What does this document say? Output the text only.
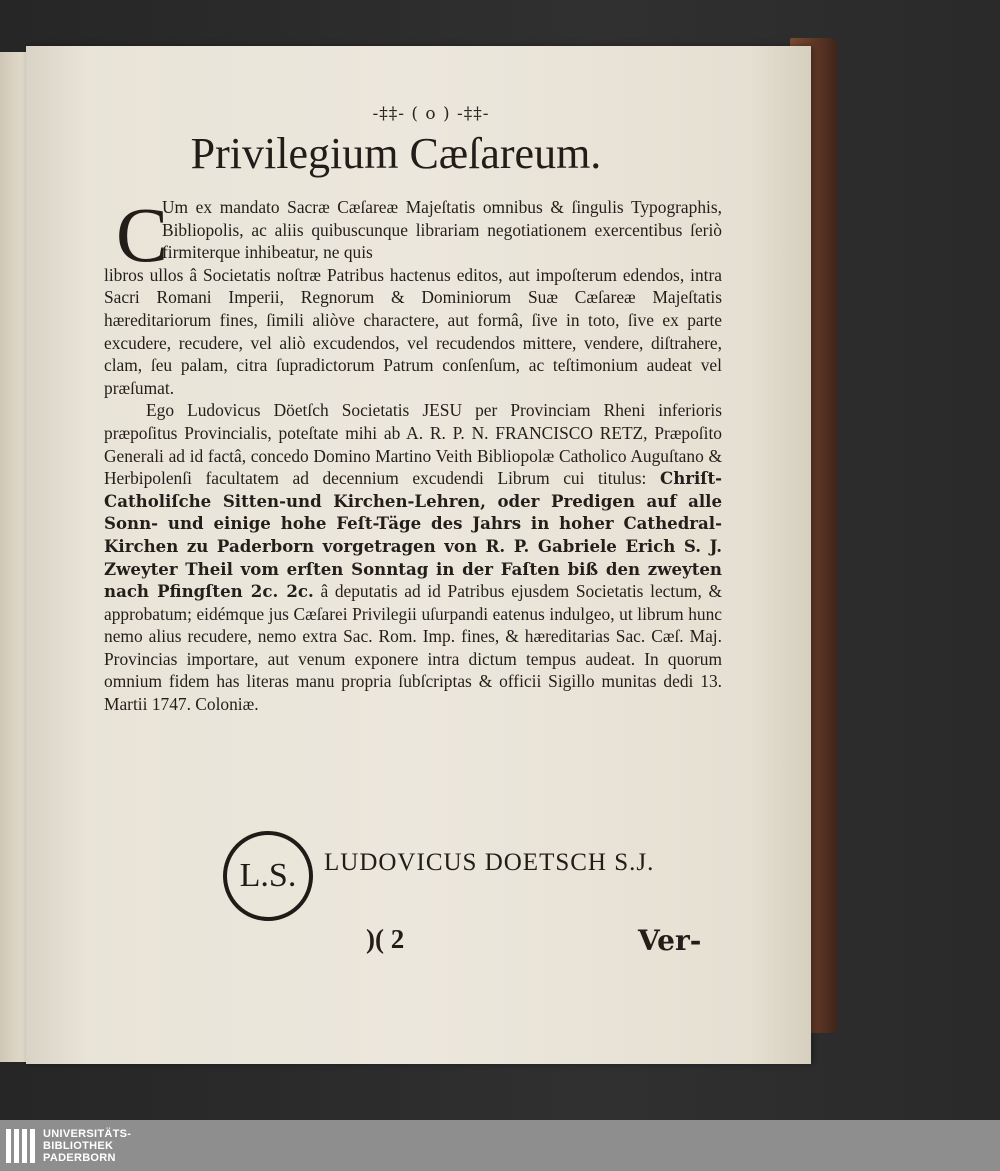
-‡‡- ( o ) -‡‡-
Privilegium Cæſareum.
C

Um ex mandato Sacræ Cæſareæ Majeſtatis omnibus & ſingulis Typographis, Bibliopolis, ac aliis quibuscunque librariam negotiationem exercentibus ſeriò firmiterque inhibeatur, ne quis

libros ullos â Societatis noſtræ Patribus hactenus editos, aut impoſterum edendos, intra Sacri Romani Imperii, Regnorum & Dominiorum Suæ Cæſareæ Majeſtatis hæreditariorum fines, ſimili aliòve charactere, aut formâ, ſive in toto, ſive ex parte excudere, recudere, vel aliò excudendos, vel recudendos mittere, vendere, diſtrahere, clam, ſeu palam, citra ſupradictorum Patrum conſenſum, ac teſtimonium audeat vel præſumat.

Ego Ludovicus Döetſch Societatis JESU per Provinciam Rheni inferioris præpoſitus Provincialis, poteſtate mihi ab A. R. P. N. FRANCISCO RETZ, Præpoſito Generali ad id factâ, concedo Domino Martino Veith Bibliopolæ Catholico Auguſtano & Herbipolenſi facultatem ad decennium excudendi Librum cui titulus: Chriſt-Catholiſche Sitten-und Kirchen-Lehren, oder Predigen auf alle Sonn- und einige hohe Feſt-Täge des Jahrs in hoher Cathedral-Kirchen zu Paderborn vorgetragen von R. P. Gabriele Erich S. J. Zweyter Theil vom erſten Sonntag in der Faſten biß den zweyten nach Pfingſten 2c. 2c. â deputatis ad id Patribus ejusdem Societatis lectum, & approbatum; eidémque jus Cæſarei Privilegii uſurpandi eatenus indulgeo, ut librum hunc nemo alius recudere, nemo extra Sac. Rom. Imp. fines, & hæreditarias Sac. Cæſ. Maj. Provincias importare, aut venum exponere intra dictum tempus audeat. In quorum omnium fidem has literas manu propria ſubſcriptas & officii Sigillo munitas dedi 13. Martii 1747. Coloniæ.

L.S.	LUDOVICUS DOETSCH S.J.
)( 2	Ver-
UNIVERSITÄTS-
BIBLIOTHEK
PADERBORN
